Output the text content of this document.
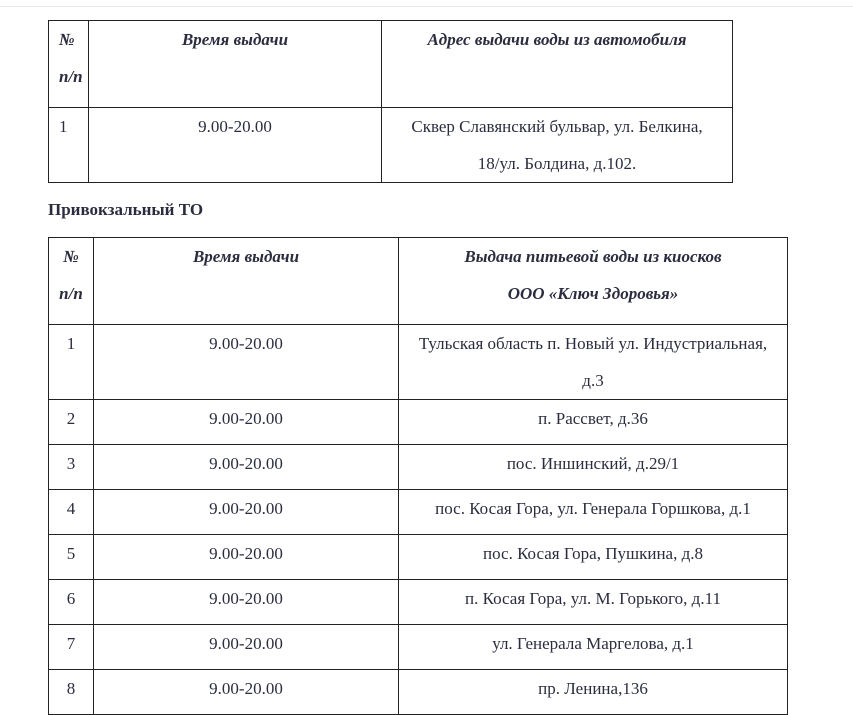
№
п/п	Время выдачи	Адрес выдачи воды из автомобиля

1	9.00-20.00	Сквер Славянский бульвар, ул. Белкина,
18/ул. Болдина, д.102.

Привокзальный ТО

№
п/п	Время выдачи	Выдача питьевой воды из киосков
ООО «Ключ Здоровья»

1	9.00-20.00	Тульская область п. Новый ул. Индустриальная,
д.3

2	9.00-20.00	п. Рассвет, д.36
3	9.00-20.00	пос. Иншинский, д.29/1
4	9.00-20.00	пос. Косая Гора, ул. Генерала Горшкова, д.1
5	9.00-20.00	пос. Косая Гора, Пушкина, д.8
6	9.00-20.00	п. Косая Гора, ул. М. Горького, д.11
7	9.00-20.00	ул. Генерала Маргелова, д.1
8	9.00-20.00	пр. Ленина,136
